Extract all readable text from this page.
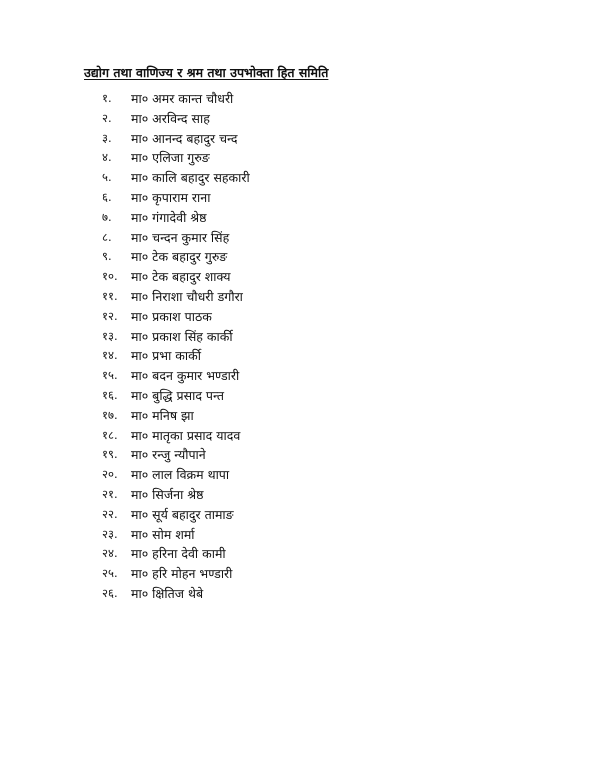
उद्योग तथा वाणिज्य र श्रम तथा उपभोक्ता हित समिति
१. मा० अमर कान्त चौधरी
२. मा० अरविन्द साह
३. मा० आनन्द बहादुर चन्द
४. मा० एलिजा गुरुङ
५. मा० कालि बहादुर सहकारी
६. मा० कृपाराम राना
७. मा० गंगादेवी श्रेष्ठ
८. मा० चन्दन कुमार सिंह
९. मा० टेक बहादुर गुरुङ
१०. मा० टेक बहादुर शाक्य
११. मा० निराशा चौधरी डगौरा
१२. मा० प्रकाश पाठक
१३. मा० प्रकाश सिंह कार्की
१४. मा० प्रभा कार्की
१५. मा० बदन कुमार भण्डारी
१६. मा० बुद्धि प्रसाद पन्त
१७. मा० मनिष झा
१८. मा० मातृका प्रसाद यादव
१९. मा० रन्जु न्यौपाने
२०. मा० लाल विक्रम थापा
२१. मा० सिर्जना श्रेष्ठ
२२. मा० सूर्य बहादुर तामाङ
२३. मा० सोम शर्मा
२४. मा० हरिना देवी कामी
२५. मा० हरि मोहन भण्डारी
२६. मा० क्षितिज थेबे
